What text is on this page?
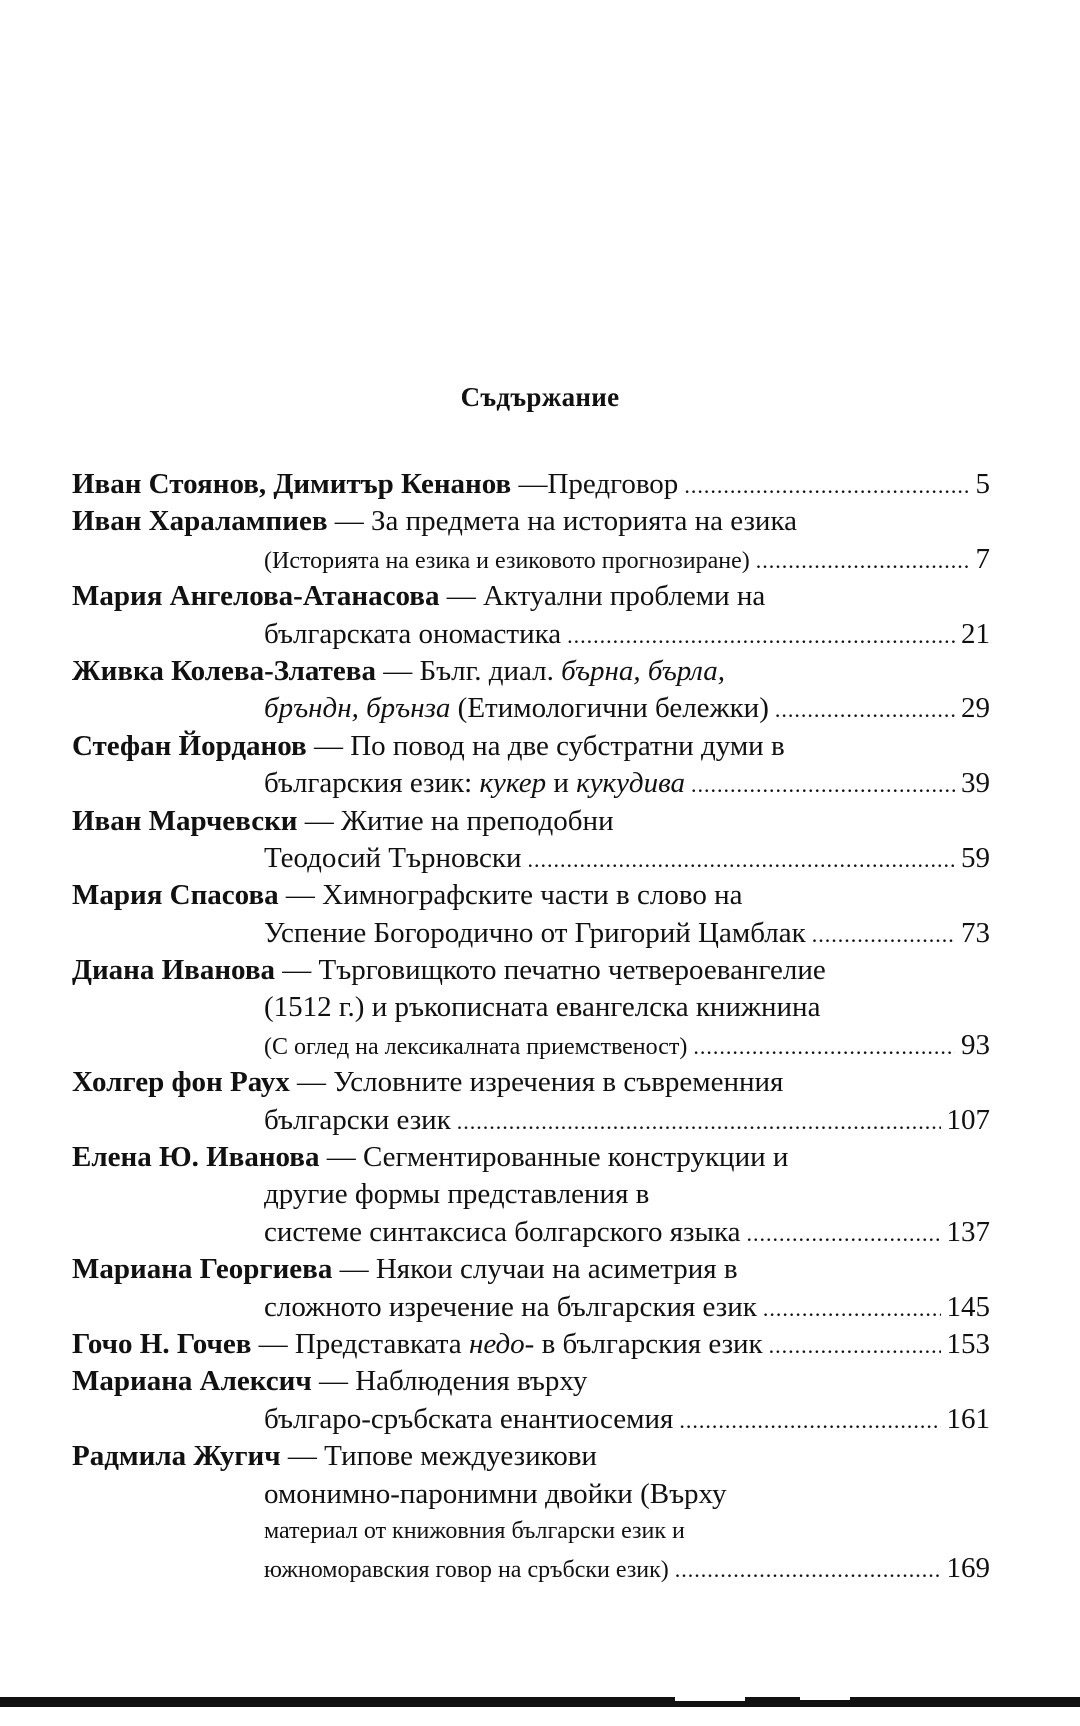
Съдържание
Иван Стоянов, Димитър Кенанов —Предговор .....	5
Иван Харалампиев — За предмета на историята на езика
(Историята на езика и езиковото прогнозиране) .....	7
Мария Ангелова-Атанасова — Актуални проблеми на
българската ономастика .....	21
Живка Колева-Златева — Бълг. диал. бърна, бърла,
бръндн, брънза (Етимологични бележки) .....	29
Стефан Йорданов — По повод на две субстратни думи в
българския език: кукер и кукудива .....	39
Иван Марчевски — Житие на преподобни
Теодосий Търновски .....	59
Мария Спасова — Химнографските части в слово на
Успение Богородично от Григорий Цамблак .....	73
Диана Иванова — Търговищкото печатно четвероевангелие
(1512 г.) и ръкописната евангелска книжнина
(С оглед на лексикалната приемственост) .....	93
Холгер фон Раух — Условните изречения в съвременния
български език .....	107
Елена Ю. Иванова — Сегментированные конструкции и
другие формы представления в
системе синтаксиса болгарского языка .....	137
Мариана Георгиева — Някои случаи на асиметрия в
сложното изречение на българския език .....	145
Гочо Н. Гочев — Представката недо- в българския език .....	153
Мариана Алексич — Наблюдения върху
българо-сръбската енантиосемия .....	161
Радмила Жугич — Типове междуезикови
омонимно-паронимни двойки (Върху
материал от книжовния български език и
южноморавския говор на сръбски език) .....	169
